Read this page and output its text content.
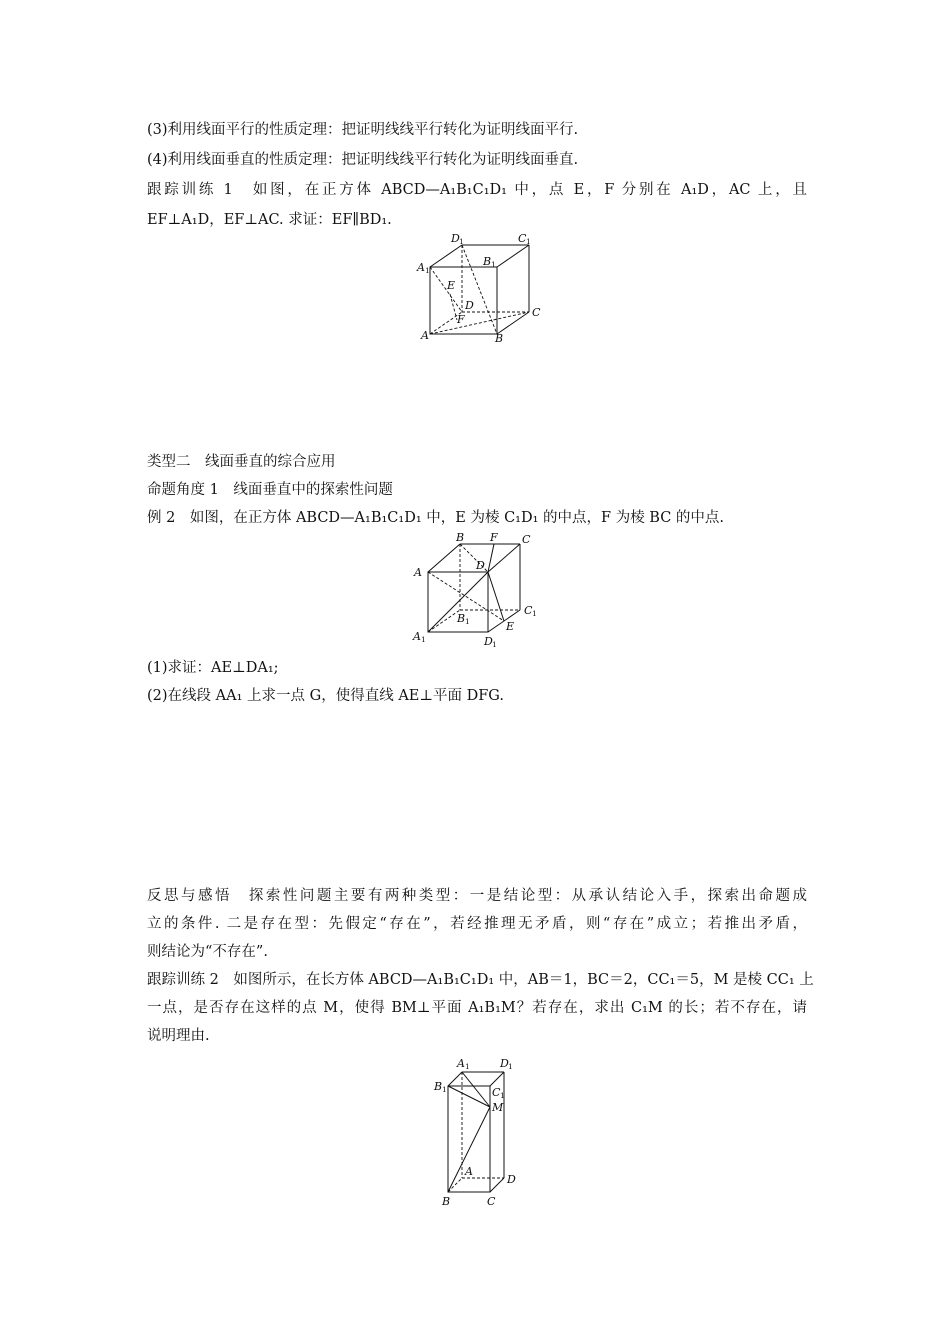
(3)利用线面平行的性质定理：把证明线线平行转化为证明线面平行.
(4)利用线面垂直的性质定理：把证明线线平行转化为证明线面垂直.
跟踪训练 1　如图，在正方体 ABCD—A₁B₁C₁D₁ 中，点 E，F 分别在 A₁D，AC 上，且
EF⊥A₁D，EF⊥AC. 求证：EF∥BD₁.
D 1	C 1
A 1
B 1
E
D
C
F
A	B
类型二　线面垂直的综合应用
命题角度 1　线面垂直中的探索性问题
例 2　如图，在正方体 ABCD—A₁B₁C₁D₁ 中，E 为棱 C₁D₁ 的中点，F 为棱 BC 的中点.
B F C
A
D
C 1
B 1	E
A 1	D 1
(1)求证：AE⊥DA₁;
(2)在线段 AA₁ 上求一点 G，使得直线 AE⊥平面 DFG.
反思与感悟　探索性问题主要有两种类型：一是结论型：从承认结论入手，探索出命题成
立的条件. 二是存在型：先假定“存在”，若经推理无矛盾，则“存在”成立；若推出矛盾，
则结论为“不存在”.
跟踪训练 2　如图所示，在长方体 ABCD—A₁B₁C₁D₁ 中，AB＝1，BC＝2，CC₁＝5，M 是棱 CC₁ 上
一点，是否存在这样的点 M，使得 BM⊥平面 A₁B₁M？若存在，求出 C₁M 的长；若不存在，请
说明理由.
A 1	D 1
B 1	C 1
M
A
D
B	C
